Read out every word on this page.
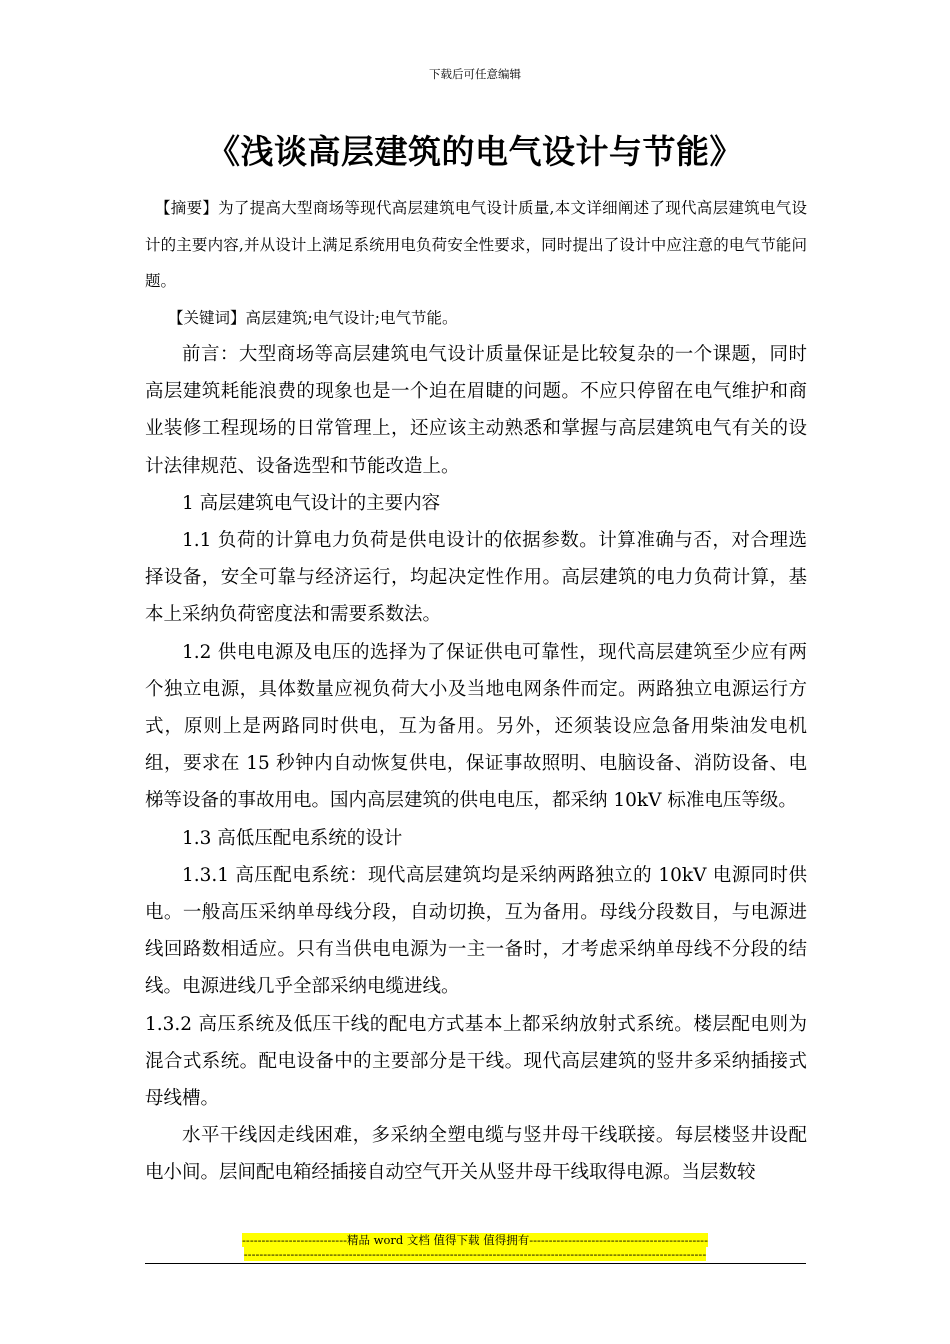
下载后可任意编辑
《浅谈高层建筑的电气设计与节能》

【摘要】为了提高大型商场等现代高层建筑电气设计质量,本文详细阐述了现代高层建筑电气设计的主要内容,并从设计上满足系统用电负荷安全性要求，同时提出了设计中应注意的电气节能问题。

【关键词】高层建筑;电气设计;电气节能。

前言：大型商场等高层建筑电气设计质量保证是比较复杂的一个课题，同时高层建筑耗能浪费的现象也是一个迫在眉睫的问题。不应只停留在电气维护和商业装修工程现场的日常管理上，还应该主动熟悉和掌握与高层建筑电气有关的设计法律规范、设备选型和节能改造上。

1 高层建筑电气设计的主要内容

1.1 负荷的计算电力负荷是供电设计的依据参数。计算准确与否，对合理选择设备，安全可靠与经济运行，均起决定性作用。高层建筑的电力负荷计算，基本上采纳负荷密度法和需要系数法。

1.2 供电电源及电压的选择为了保证供电可靠性，现代高层建筑至少应有两个独立电源，具体数量应视负荷大小及当地电网条件而定。两路独立电源运行方式，原则上是两路同时供电，互为备用。另外，还须装设应急备用柴油发电机组，要求在 15 秒钟内自动恢复供电，保证事故照明、电脑设备、消防设备、电梯等设备的事故用电。国内高层建筑的供电电压，都采纳 10kV 标准电压等级。

1.3 高低压配电系统的设计

1.3.1 高压配电系统：现代高层建筑均是采纳两路独立的 10kV 电源同时供电。一般高压采纳单母线分段，自动切换，互为备用。母线分段数目，与电源进线回路数相适应。只有当供电电源为一主一备时，才考虑采纳单母线不分段的结线。电源进线几乎全部采纳电缆进线。

1.3.2 高压系统及低压干线的配电方式基本上都采纳放射式系统。楼层配电则为混合式系统。配电设备中的主要部分是干线。现代高层建筑的竖井多采纳插接式母线槽。

水平干线因走线困难，多采纳全塑电缆与竖井母干线联接。每层楼竖井设配电小间。层间配电箱经插接自动空气开关从竖井母干线取得电源。当层数较

---------------------------精品 word 文档 值得下载 值得拥有----------------------------------------------
-----------------------------------------------------------------------------------------------------------------------
